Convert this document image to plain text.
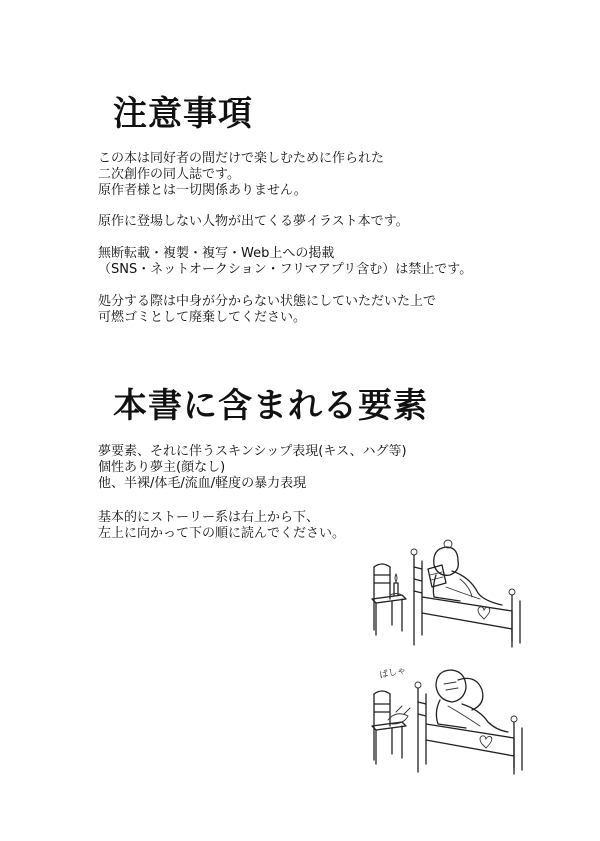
注意事項

この本は同好者の間だけで楽しむために作られた
二次創作の同人誌です。
原作者様とは一切関係ありません。

原作に登場しない人物が出てくる夢イラスト本です。

無断転載・複製・複写・Web上への掲載
（SNS・ネットオークション・フリマアプリ含む）は禁止です。

処分する際は中身が分からない状態にしていただいた上で
可燃ゴミとして廃棄してください。

本書に含まれる要素

夢要素、それに伴うスキンシップ表現(キス、ハグ等)
個性あり夢主(顔なし)
他、半裸/体毛/流血/軽度の暴力表現

基本的にストーリー系は右上から下、
左上に向かって下の順に読んでください。

ぱしゃ
